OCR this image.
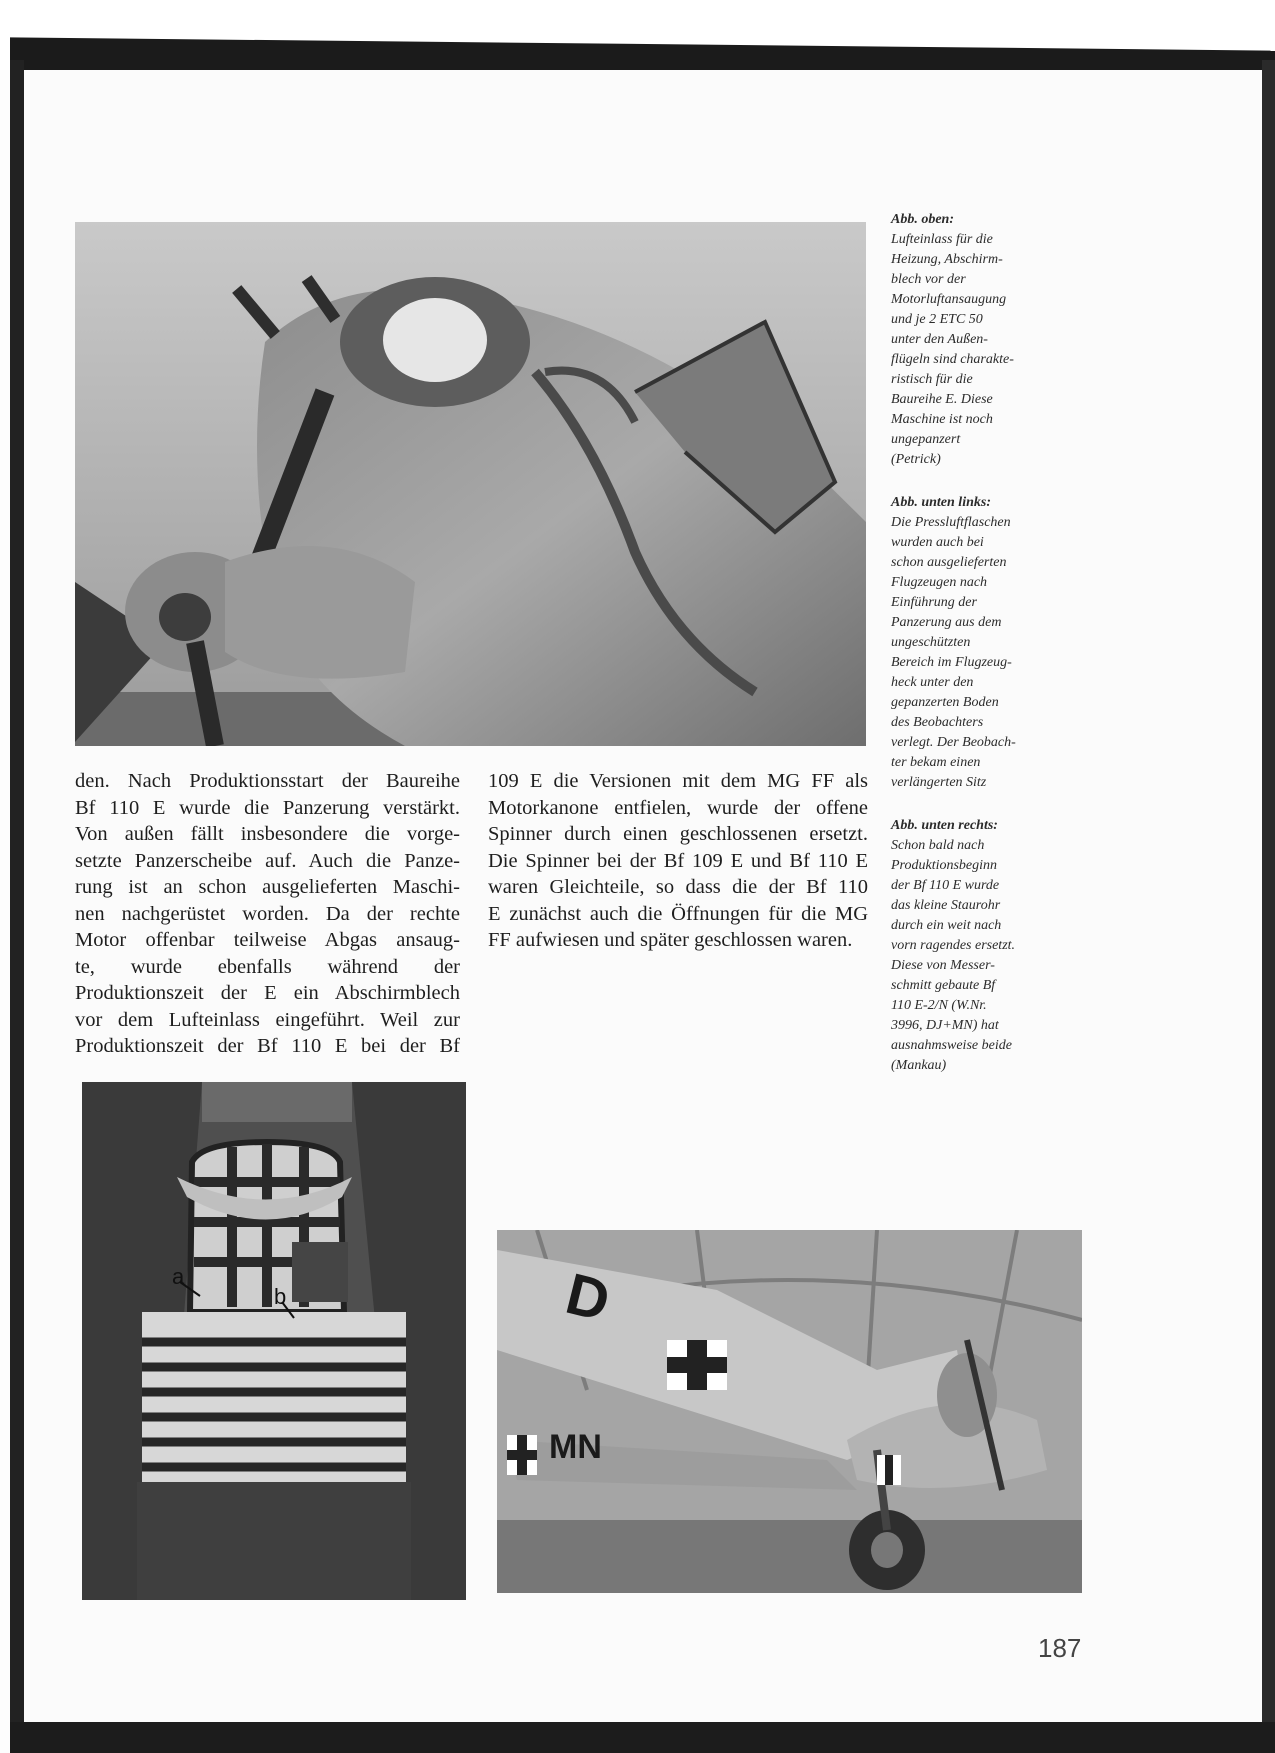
den. Nach Produktionsstart der Baureihe

Bf 110 E wurde die Panzerung verstärkt.

Von außen fällt insbesondere die vorge-

setzte Panzerscheibe auf. Auch die Panze-

rung ist an schon ausgelieferten Maschi-

nen nachgerüstet worden. Da der rechte

Motor offenbar teilweise Abgas ansaug-

te, wurde ebenfalls während der

Produktionszeit der E ein Abschirmblech

vor dem Lufteinlass eingeführt. Weil zur

Produktionszeit der Bf 110 E bei der Bf

109 E die Versionen mit dem MG FF als

Motorkanone entfielen, wurde der offene

Spinner durch einen geschlossenen ersetzt.

Die Spinner bei der Bf 109 E und Bf 110 E

waren Gleichteile, so dass die der Bf 110

E zunächst auch die Öffnungen für die MG

FF aufwiesen und später geschlossen waren.

Abb. oben:
Lufteinlass für die
Heizung, Abschirm-
blech vor der
Motorluftansaugung
und je 2 ETC 50
unter den Außen-
flügeln sind charakte-
ristisch für die
Baureihe E. Diese
Maschine ist noch
ungepanzert
(Petrick)
Abb. unten links:
Die Pressluftflaschen
wurden auch bei
schon ausgelieferten
Flugzeugen nach
Einführung der
Panzerung aus dem
ungeschützten
Bereich im Flugzeug-
heck unter den
gepanzerten Boden
des Beobachters
verlegt. Der Beobach-
ter bekam einen
verlängerten Sitz
Abb. unten rechts:
Schon bald nach
Produktionsbeginn
der Bf 110 E wurde
das kleine Staurohr
durch ein weit nach
vorn ragendes ersetzt.
Diese von Messer-
schmitt gebaute Bf
110 E-2/N (W.Nr.
3996, DJ+MN) hat
ausnahmsweise beide
(Mankau)
a
b	D
MN
187
